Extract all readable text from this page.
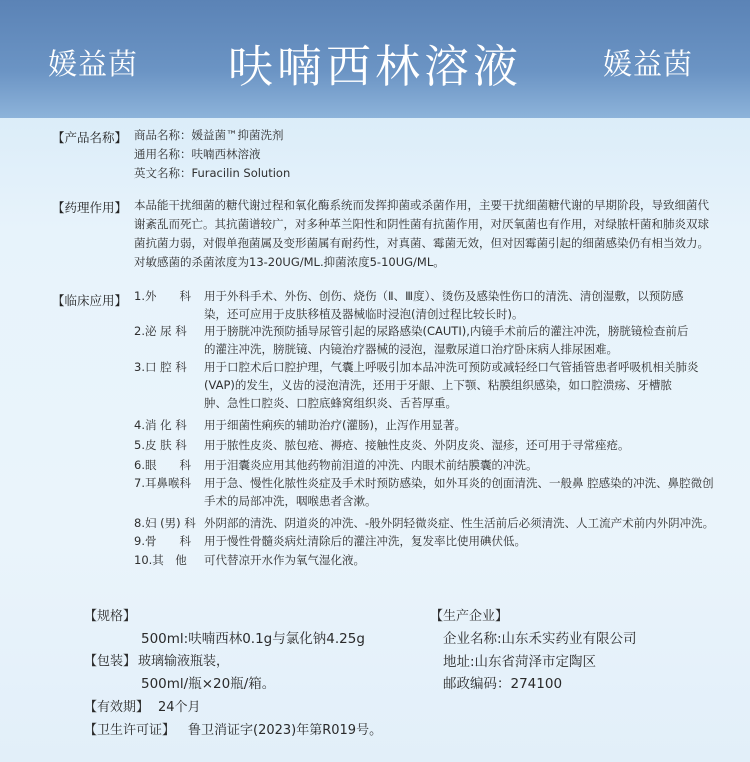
媛益茵	呋喃西林溶液	媛益茵
【产品名称】 商品名称：媛益菌™抑菌洗剂
通用名称：呋喃西林溶液
英文名称：Furacilin Solution
【药理作用】 本品能干扰细菌的糖代谢过程和氧化酶系统而发挥抑菌或杀菌作用，主要干扰细菌糖代谢的早期阶段，导致细菌代
谢紊乱而死亡。其抗菌谱较广，对多种革兰阳性和阴性菌有抗菌作用，对厌氧菌也有作用，对绿脓杆菌和肺炎双球
菌抗菌力弱，对假单孢菌属及变形菌属有耐药性，对真菌、霉菌无效，但对因霉菌引起的细菌感染仍有相当效力。
对敏感菌的杀菌浓度为13-20UG/ML.抑菌浓度5-10UG/ML。
【临床应用】 1.外　　科 用于外科手术、外伤、创伤、烧伤（Ⅱ、Ⅲ度）、烫伤及感染性伤口的清洗、清创湿敷，以预防感
染，还可应用于皮肤移植及器械临时浸泡(清创过程比较长时)。
2.泌 尿 科 用于膀胱冲洗预防插导尿管引起的尿路感染(CAUTI),内镜手术前后的灌注冲洗，膀胱镜检查前后
的灌注冲洗，膀胱镜、内镜治疗器械的浸泡，湿敷尿道口治疗卧床病人排尿困难。
3.口 腔 科 用于口腔术后口腔护理，气囊上呼吸引加本品冲洗可预防或减轻经口气管插管患者呼吸机相关肺炎
(VAP)的发生，义齿的浸泡清洗，还用于牙龈、上下颚、粘膜组织感染，如口腔溃疡、牙槽脓
肿、急性口腔炎、口腔底蜂窝组织炎、舌苔厚重。
4.消 化 科 用于细菌性痢疾的辅助治疗(灌肠)，止泻作用显著。
5.皮 肤 科 用于脓性皮炎、脓包疮、褥疮、接触性皮炎、外阴皮炎、湿疹，还可用于寻常痤疮。
6.眼　　科 用于泪囊炎应用其他药物前泪道的冲洗、内眼术前结膜囊的冲洗。
7.耳鼻喉科 用于急、慢性化脓性炎症及手术时预防感染，如外耳炎的创面清洗、一般鼻 腔感染的冲洗、鼻腔微创
手术的局部冲洗，咽喉患者含漱。
8.妇 (男) 科 外阴部的清洗、阴道炎的冲洗、-般外阴轻微炎症、性生活前后必须清洗、人工流产术前内外阴冲洗。
9.骨　　科 用于慢性骨髓炎病灶清除后的灌注冲洗，复发率比使用碘伏低。
10.其　他 可代替凉开水作为氧气湿化液。
【规格】
500ml:呋喃西林0.1g与氯化钠4.25g
【包装】 玻璃输液瓶装，
500ml/瓶×20瓶/箱。
【有效期】 24个月
【卫生许可证】 鲁卫消证字(2023)年第R019号。
【生产企业】
企业名称:山东禾实药业有限公司
地址:山东省菏泽市定陶区
邮政编码：274100
